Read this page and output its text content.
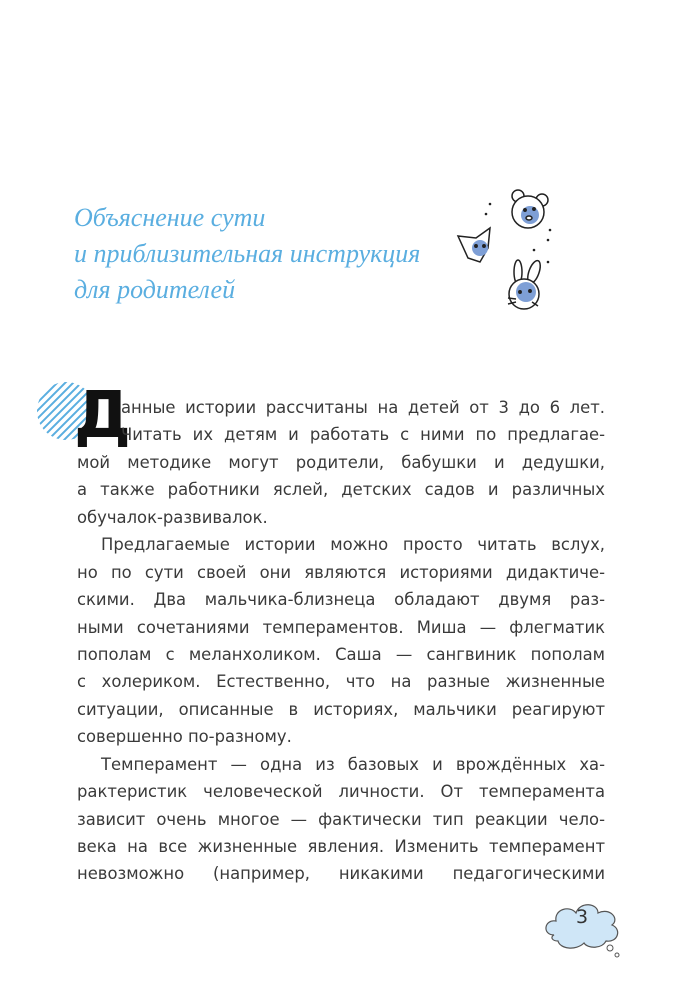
Объяснение сути
и приблизительная инструкция
для родителей
Д
анные истории рассчитаны на детей от 3 до 6 лет.
Читать их детям и работать с ними по предлагае-
мой методике могут родители, бабушки и дедушки,
а также работники яслей, детских садов и различных
обучалок-развивалок.
Предлагаемые истории можно просто читать вслух,
но по сути своей они являются историями дидактиче-
скими. Два мальчика-близнеца обладают двумя раз-
ными сочетаниями темпераментов. Миша — флегматик
пополам с меланхоликом. Саша — сангвиник пополам
с холериком. Естественно, что на разные жизненные
ситуации, описанные в историях, мальчики реагируют
совершенно по-разному.
Темперамент — одна из базовых и врождённых ха-
рактеристик человеческой личности. От темперамента
зависит очень многое — фактически тип реакции чело-
века на все жизненные явления. Изменить темперамент
невозможно (например, никакими педагогическими
3
